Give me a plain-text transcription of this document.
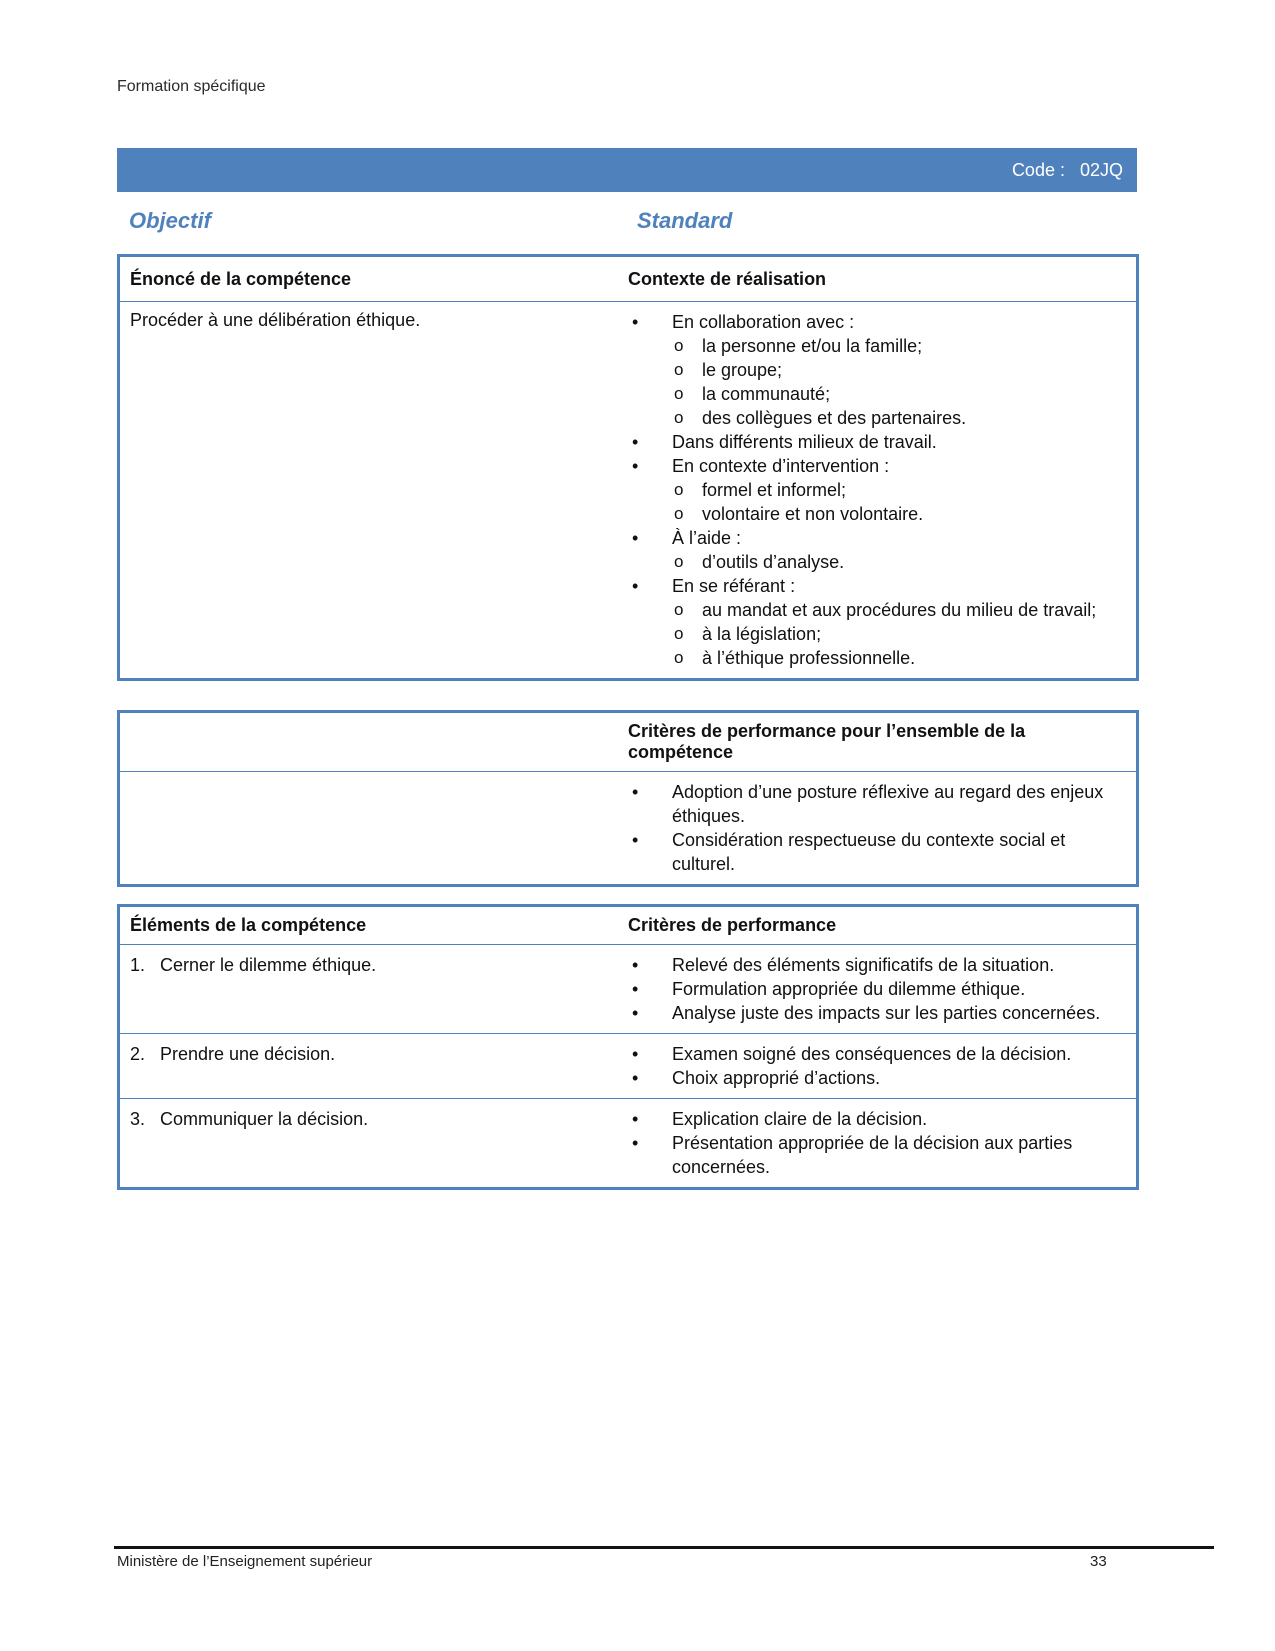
Formation spécifique
Code :   02JQ
Objectif	Standard
Énoncé de la compétence	Contexte de réalisation
Procéder à une délibération éthique.	• En collaboration avec :
o la personne et/ou la famille;
o le groupe;
o la communauté;
o des collègues et des partenaires.
• Dans différents milieux de travail.
• En contexte d’intervention :
o formel et informel;
o volontaire et non volontaire.
• À l’aide :
o d’outils d’analyse.
• En se référant :
o au mandat et aux procédures du milieu de travail;
o à la législation;
o à l’éthique professionnelle.
Critères de performance pour l’ensemble de la compétence
• Adoption d’une posture réflexive au regard des enjeux éthiques.
• Considération respectueuse du contexte social et culturel.
Éléments de la compétence	Critères de performance
1. Cerner le dilemme éthique.	• Relevé des éléments significatifs de la situation.
• Formulation appropriée du dilemme éthique.
• Analyse juste des impacts sur les parties concernées.
2. Prendre une décision.	• Examen soigné des conséquences de la décision.
• Choix approprié d’actions.
3. Communiquer la décision.	• Explication claire de la décision.
• Présentation appropriée de la décision aux parties concernées.
Ministère de l’Enseignement supérieur	33
